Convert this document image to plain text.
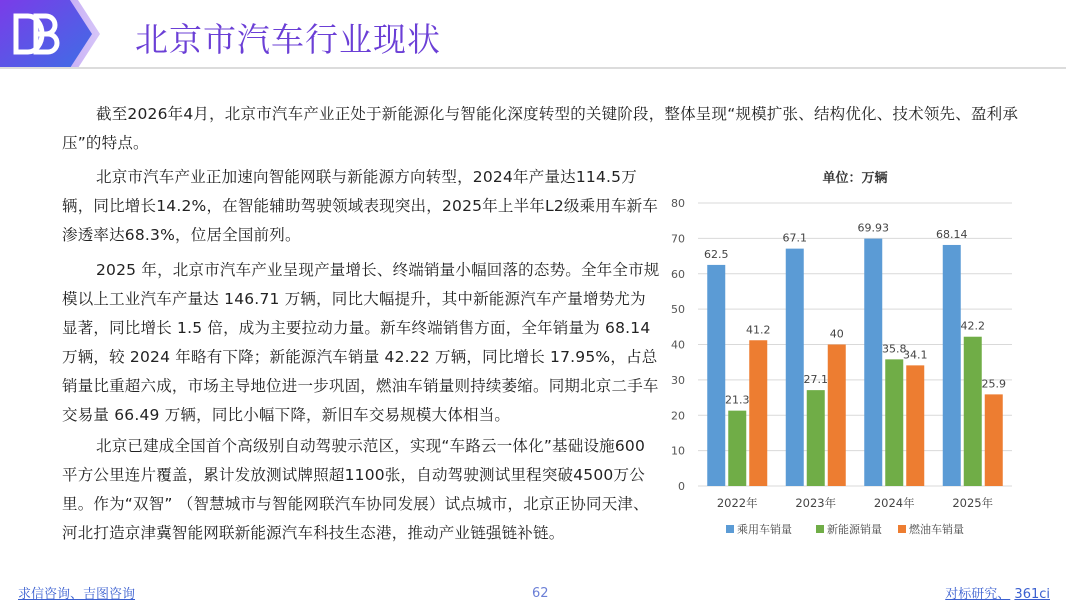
北京市汽车行业现状
截至2026年4月，北京市汽车产业正处于新能源化与智能化深度转型的关键阶段，整体呈现“规模扩张、结构优化、技术领先、盈利承压”的特点。
北京市汽车产业正加速向智能网联与新能源方向转型，2024年产量达114.5万辆，同比增长14.2%，在智能辅助驾驶领域表现突出，2025年上半年L2级乘用车新车渗透率达68.3%，位居全国前列。
2025 年，北京市汽车产业呈现产量增长、终端销量小幅回落的态势。全年全市规模以上工业汽车产量达 146.71 万辆，同比大幅提升，其中新能源汽车产量增势尤为显著，同比增长 1.5 倍，成为主要拉动力量。新车终端销售方面，全年销量为 68.14 万辆，较 2024 年略有下降；新能源汽车销量 42.22 万辆，同比增长 17.95%，占总销量比重超六成，市场主导地位进一步巩固，燃油车销量则持续萎缩。同期北京二手车交易量 66.49 万辆，同比小幅下降，新旧车交易规模大体相当。
北京已建成全国首个高级别自动驾驶示范区，实现“车路云一体化”基础设施600平方公里连片覆盖，累计发放测试牌照超1100张，自动驾驶测试里程突破4500万公里。作为“双智” （智慧城市与智能网联汽车协同发展）试点城市，北京正协同天津、河北打造京津冀智能网联新能源汽车科技生态港，推动产业链强链补链。
单位：万辆
0
10
20
30
40
50
60
70
80
2022年
62.5
21.3
41.2
2023年
67.1
27.1
40
2024年
69.93
35.8
34.1
2025年
68.14
42.2
25.9
乘用车销量	新能源销量 燃油车销量
求信咨询、吉图咨询	62	对标研究、 361ci
